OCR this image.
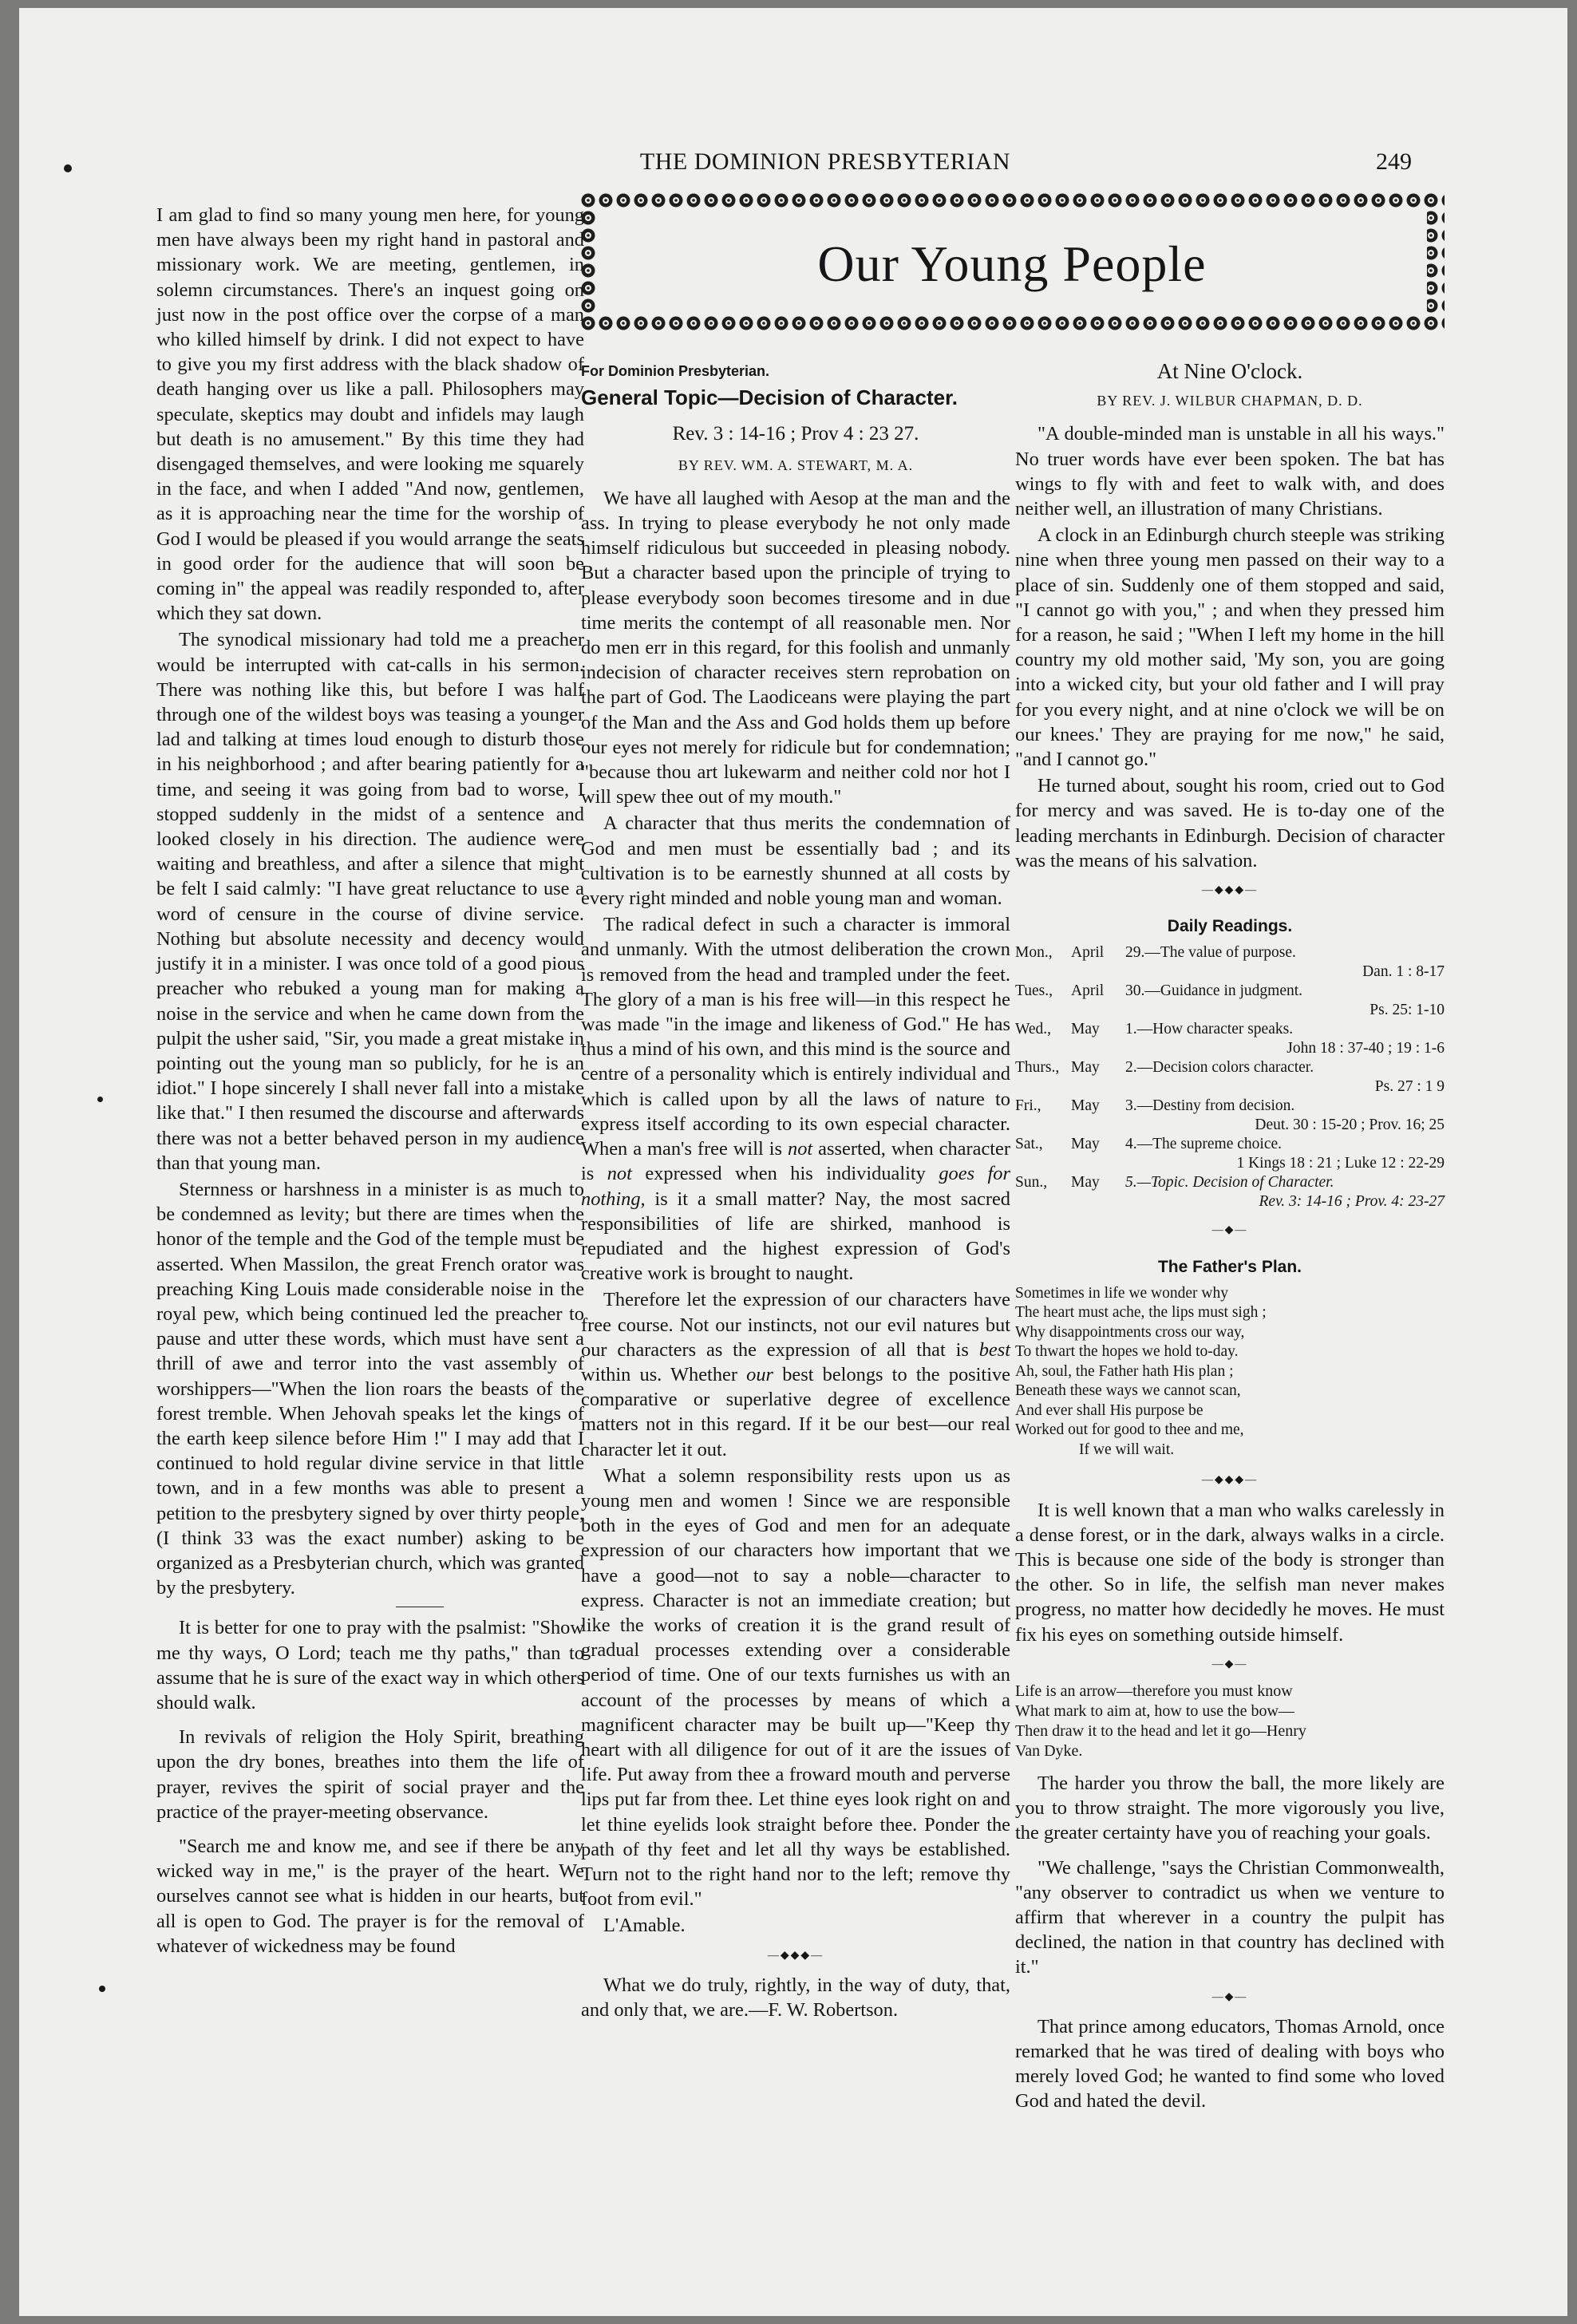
THE DOMINION PRESBYTERIAN	249
Our Young People

I am glad to find so many young men here, for young men have always been my right hand in pastoral and missionary work. We are meeting, gentlemen, in solemn circumstances. There's an inquest going on just now in the post office over the corpse of a man who killed himself by drink. I did not expect to have to give you my first address with the black shadow of death hanging over us like a pall. Philosophers may speculate, skeptics may doubt and infidels may laugh but death is no amusement." By this time they had disengaged themselves, and were looking me squarely in the face, and when I added "And now, gentlemen, as it is approaching near the time for the worship of God I would be pleased if you would arrange the seats in good order for the audience that will soon be coming in" the appeal was readily responded to, after which they sat down.

The synodical missionary had told me a preacher would be interrupted with cat-calls in his sermon. There was nothing like this, but before I was half through one of the wildest boys was teasing a younger lad and talking at times loud enough to disturb those in his neighborhood ; and after bearing patiently for a time, and seeing it was going from bad to worse, I stopped suddenly in the midst of a sentence and looked closely in his direction. The audience were waiting and breathless, and after a silence that might be felt I said calmly: "I have great reluctance to use a word of censure in the course of divine service. Nothing but absolute necessity and decency would justify it in a minister. I was once told of a good pious preacher who rebuked a young man for making a noise in the service and when he came down from the pulpit the usher said, "Sir, you made a great mistake in pointing out the young man so publicly, for he is an idiot." I hope sincerely I shall never fall into a mistake like that." I then resumed the discourse and afterwards there was not a better behaved person in my audience than that young man.

Sternness or harshness in a minister is as much to be condemned as levity; but there are times when the honor of the temple and the God of the temple must be asserted. When Massilon, the great French orator was preaching King Louis made considerable noise in the royal pew, which being continued led the preacher to pause and utter these words, which must have sent a thrill of awe and terror into the vast assembly of worshippers—"When the lion roars the beasts of the forest tremble. When Jehovah speaks let the kings of the earth keep silence before Him !" I may add that I continued to hold regular divine service in that little town, and in a few months was able to present a petition to the presbytery signed by over thirty people, (I think 33 was the exact number) asking to be organized as a Presbyterian church, which was granted by the presbytery.

It is better for one to pray with the psalmist: "Show me thy ways, O Lord; teach me thy paths," than to assume that he is sure of the exact way in which others should walk.

In revivals of religion the Holy Spirit, breathing upon the dry bones, breathes into them the life of prayer, revives the spirit of social prayer and the practice of the prayer-meeting observance.

"Search me and know me, and see if there be any wicked way in me," is the prayer of the heart. We ourselves cannot see what is hidden in our hearts, but all is open to God. The prayer is for the removal of whatever of wickedness may be found

For Dominion Presbyterian.
General Topic—Decision of Character.
Rev. 3 : 14-16 ; Prov 4 : 23 27.
BY REV. WM. A. STEWART, M. A.

We have all laughed with Aesop at the man and the ass. In trying to please everybody he not only made himself ridiculous but succeeded in pleasing nobody. But a character based upon the principle of trying to please everybody soon becomes tiresome and in due time merits the contempt of all reasonable men. Nor do men err in this regard, for this foolish and unmanly indecision of character receives stern reprobation on the part of God. The Laodiceans were playing the part of the Man and the Ass and God holds them up before our eyes not merely for ridicule but for condemnation; "because thou art lukewarm and neither cold nor hot I will spew thee out of my mouth."

A character that thus merits the condemnation of God and men must be essentially bad ; and its cultivation is to be earnestly shunned at all costs by every right minded and noble young man and woman.

The radical defect in such a character is immoral and unmanly. With the utmost deliberation the crown is removed from the head and trampled under the feet. The glory of a man is his free will—in this respect he was made "in the image and likeness of God." He has thus a mind of his own, and this mind is the source and centre of a personality which is entirely individual and which is called upon by all the laws of nature to express itself according to its own especial character. When a man's free will is not asserted, when character is not expressed when his individuality goes for nothing, is it a small matter? Nay, the most sacred responsibilities of life are shirked, manhood is repudiated and the highest expression of God's creative work is brought to naught.

Therefore let the expression of our characters have free course. Not our instincts, not our evil natures but our characters as the expression of all that is best within us. Whether our best belongs to the positive comparative or superlative degree of excellence matters not in this regard. If it be our best—our real character let it out.

What a solemn responsibility rests upon us as young men and women ! Since we are responsible both in the eyes of God and men for an adequate expression of our characters how important that we have a good—not to say a noble—character to express. Character is not an immediate creation; but like the works of creation it is the grand result of gradual processes extending over a considerable period of time. One of our texts furnishes us with an account of the processes by means of which a magnificent character may be built up—"Keep thy heart with all diligence for out of it are the issues of life. Put away from thee a froward mouth and perverse lips put far from thee. Let thine eyes look right on and let thine eyelids look straight before thee. Ponder the path of thy feet and let all thy ways be established. Turn not to the right hand nor to the left; remove thy foot from evil."

L'Amable.

—◆◆◆—

What we do truly, rightly, in the way of duty, that, and only that, we are.—F. W. Robertson.

At Nine O'clock.
BY REV. J. WILBUR CHAPMAN, D. D.

"A double-minded man is unstable in all his ways." No truer words have ever been spoken. The bat has wings to fly with and feet to walk with, and does neither well, an illustration of many Christians.

A clock in an Edinburgh church steeple was striking nine when three young men passed on their way to a place of sin. Suddenly one of them stopped and said, "I cannot go with you," ; and when they pressed him for a reason, he said ; "When I left my home in the hill country my old mother said, 'My son, you are going into a wicked city, but your old father and I will pray for you every night, and at nine o'clock we will be on our knees.' They are praying for me now," he said, "and I cannot go."

He turned about, sought his room, cried out to God for mercy and was saved. He is to-day one of the leading merchants in Edinburgh. Decision of character was the means of his salvation.

—◆◆◆—
Daily Readings.
Mon.,	April	29.—The value of purpose.
Dan. 1 : 8-17
Tues.,	April	30.—Guidance in judgment.
Ps. 25: 1-10
Wed.,	May	1.—How character speaks.
John 18 : 37-40 ; 19 : 1-6
Thurs., May	2.—Decision colors character.
Ps. 27 : 1 9
Fri.,	May	3.—Destiny from decision.
Deut. 30 : 15-20 ; Prov. 16; 25
Sat.,	May	4.—The supreme choice.
1 Kings 18 : 21 ; Luke 12 : 22-29
Sun.,	May	5.—Topic. Decision of Character.
Rev. 3: 14-16 ; Prov. 4: 23-27
—◆—
The Father's Plan.
Sometimes in life we wonder why
The heart must ache, the lips must sigh ;
Why disappointments cross our way,
To thwart the hopes we hold to-day.
Ah, soul, the Father hath His plan ;
Beneath these ways we cannot scan,
And ever shall His purpose be
Worked out for good to thee and me,
If we will wait.
—◆◆◆—

It is well known that a man who walks carelessly in a dense forest, or in the dark, always walks in a circle. This is because one side of the body is stronger than the other. So in life, the selfish man never makes progress, no matter how decidedly he moves. He must fix his eyes on something outside himself.

—◆—
Life is an arrow—therefore you must know
What mark to aim at, how to use the bow—
Then draw it to the head and let it go—Henry
Van Dyke.

The harder you throw the ball, the more likely are you to throw straight. The more vigorously you live, the greater certainty have you of reaching your goals.

"We challenge, "says the Christian Commonwealth, "any observer to contradict us when we venture to affirm that wherever in a country the pulpit has declined, the nation in that country has declined with it."

—◆—

That prince among educators, Thomas Arnold, once remarked that he was tired of dealing with boys who merely loved God; he wanted to find some who loved God and hated the devil.
